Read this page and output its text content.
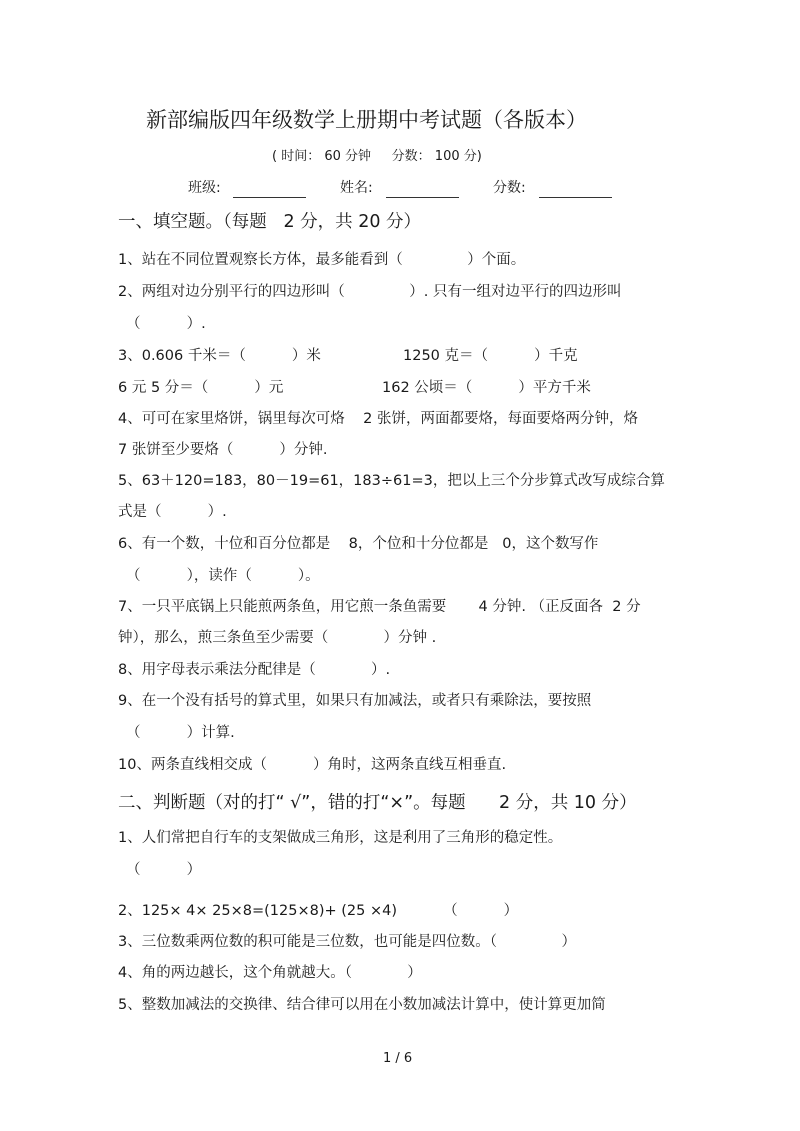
新部编版四年级数学上册期中考试题（各版本）
( 时间： 60 分钟     分数： 100 分)
班级:	姓名:	分数:
一、填空题。（每题   2 分，共 20 分）
1、站在不同位置观察长方体，最多能看到（              ）个面。
2、两组对边分别平行的四边形叫（              ）. 只有一组对边平行的四边形叫
（          ）.
3、0.606 千米＝（          ）米	1250 克＝（          ）千克
6 元 5 分＝（          ）元	162 公顷＝（          ）平方千米
4、可可在家里烙饼，锅里每次可烙    2 张饼，两面都要烙，每面要烙两分钟，烙
7 张饼至少要烙（          ）分钟.
5、63＋120=183，80－19=61，183÷61=3，把以上三个分步算式改写成综合算
式是（          ）.
6、有一个数，十位和百分位都是    8，个位和十分位都是   0，这个数写作
（          ），读作（          ）。
7、一只平底锅上只能煎两条鱼，用它煎一条鱼需要       4 分钟. （正反面各  2 分
钟），那么，煎三条鱼至少需要（            ）分钟 .
8、用字母表示乘法分配律是（            ）.
9、在一个没有括号的算式里，如果只有加减法，或者只有乘除法，要按照
（          ）计算.
10、两条直线相交成（          ）角时，这两条直线互相垂直.
二、判断题（对的打“ √”，错的打“×”。每题      2 分，共 10 分）
1、人们常把自行车的支架做成三角形，这是利用了三角形的稳定性。
（          ）
2、125× 4× 25×8=(125×8)+ (25 ×4)          （          ）
3、三位数乘两位数的积可能是三位数，也可能是四位数。（              ）
4、角的两边越长，这个角就越大。（            ）
5、整数加减法的交换律、结合律可以用在小数加减法计算中，使计算更加简
1 / 6
